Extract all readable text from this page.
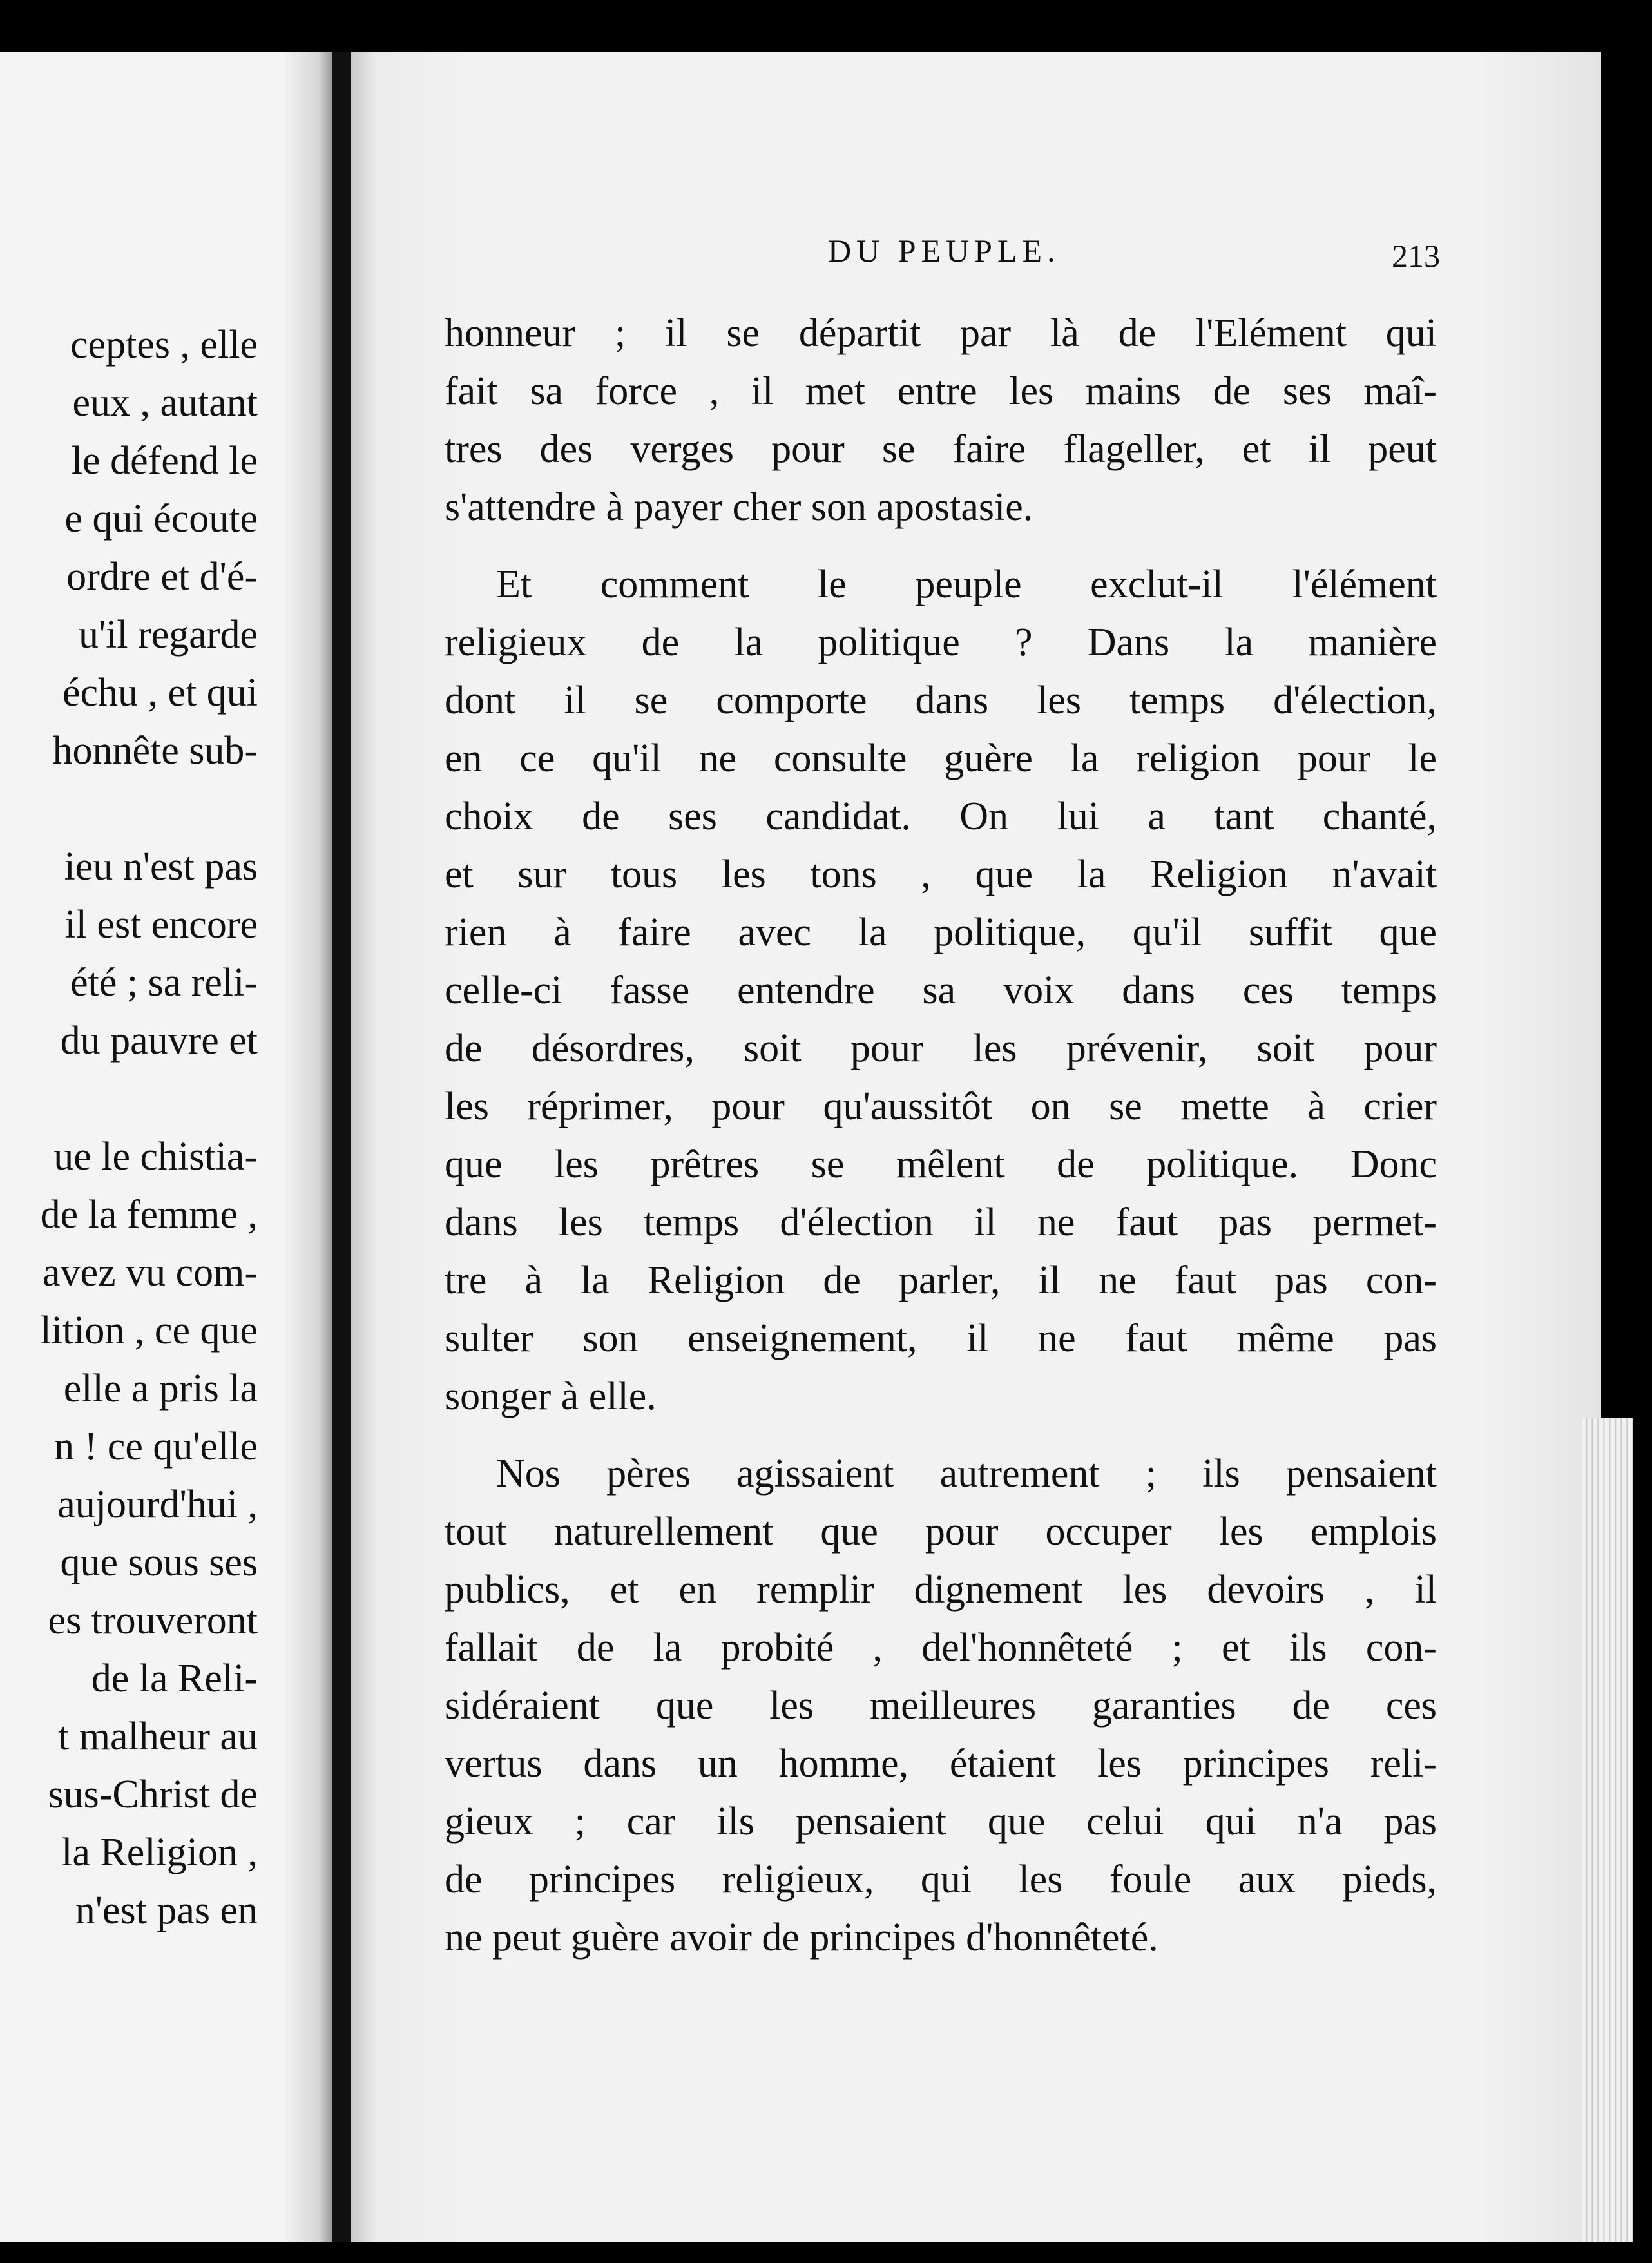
ceptes , elle
eux , autant
le défend le
e qui écoute
ordre et d'é-
u'il regarde
échu , et qui
honnête sub-
ieu n'est pas
il est encore
été ; sa reli-
du pauvre et
ue le chistia-
de la femme ,
avez vu com-
lition , ce que
elle a pris la
n ! ce qu'elle
aujourd'hui ,
que sous ses
es trouveront
de la Reli-
t malheur au
sus-Christ de
la Religion ,
n'est pas en
DU PEUPLE.	213
honneur ; il se départit par là de l'Elément qui
fait sa force , il met entre les mains de ses maî-
tres des verges pour se faire flageller, et il peut
s'attendre à payer cher son apostasie.
Et comment le peuple exclut-il l'élément
religieux de la politique ? Dans la manière
dont il se comporte dans les temps d'élection,
en ce qu'il ne consulte guère la religion pour le
choix de ses candidat. On lui a tant chanté,
et sur tous les tons , que la Religion n'avait
rien à faire avec la politique, qu'il suffit que
celle-ci fasse entendre sa voix dans ces temps
de désordres, soit pour les prévenir, soit pour
les réprimer, pour qu'aussitôt on se mette à crier
que les prêtres se mêlent de politique. Donc
dans les temps d'élection il ne faut pas permet-
tre à la Religion de parler, il ne faut pas con-
sulter son enseignement, il ne faut même pas
songer à elle.
Nos pères agissaient autrement ; ils pensaient
tout naturellement que pour occuper les emplois
publics, et en remplir dignement les devoirs , il
fallait de la probité , del'honnêteté ; et ils con-
sidéraient que les meilleures garanties de ces
vertus dans un homme, étaient les principes reli-
gieux ; car ils pensaient que celui qui n'a pas
de principes religieux, qui les foule aux pieds,
ne peut guère avoir de principes d'honnêteté.
